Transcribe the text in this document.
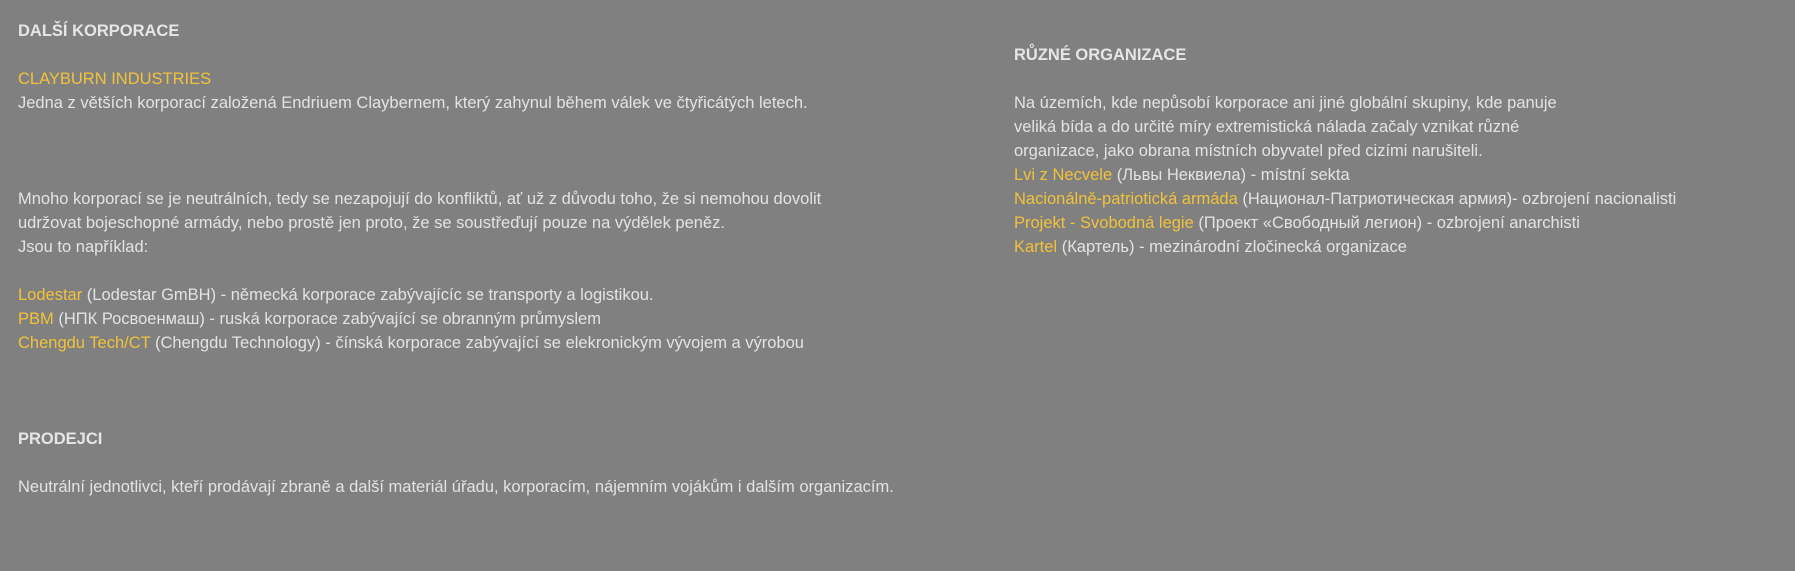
DALŠÍ KORPORACE

CLAYBURN INDUSTRIES

Jedna z větších korporací založená Endriuem Claybernem, který zahynul během válek ve čtyřicátých letech.

Mnoho korporací se je neutrálních, tedy se nezapojují do konfliktů, ať už z důvodu toho, že si nemohou dovolit

udržovat bojeschopné armády, nebo prostě jen proto, že se soustřeďují pouze na výdělek peněz.

Jsou to například:

Lodestar (Lodestar GmBH) - německá korporace zabývajícíc se transporty a logistikou.

PBM (НПК Росвоенмаш) - ruská korporace zabývající se obranným průmyslem

Chengdu Tech/CT (Chengdu Technology) - čínská korporace zabývající se elekronickým vývojem a výrobou

PRODEJCI

Neutrální jednotlivci, kteří prodávají zbraně a další materiál úřadu, korporacím, nájemním vojákům i dalším organizacím.

RŮZNÉ ORGANIZACE

Na územích, kde nepůsobí korporace ani jiné globální skupiny, kde panuje

veliká bída a do určité míry extremistická nálada začaly vznikat různé

organizace, jako obrana místních obyvatel před cizími narušiteli.

Lvi z Necvele (Львы Неквиела) - místní sekta

Nacionálně-patriotická armáda (Национал-Патриотическая армия)- ozbrojení nacionalisti

Projekt - Svobodná legie (Проект «Свободный легион) - ozbrojení anarchisti

Kartel (Картель) - mezinárodní zločinecká organizace
